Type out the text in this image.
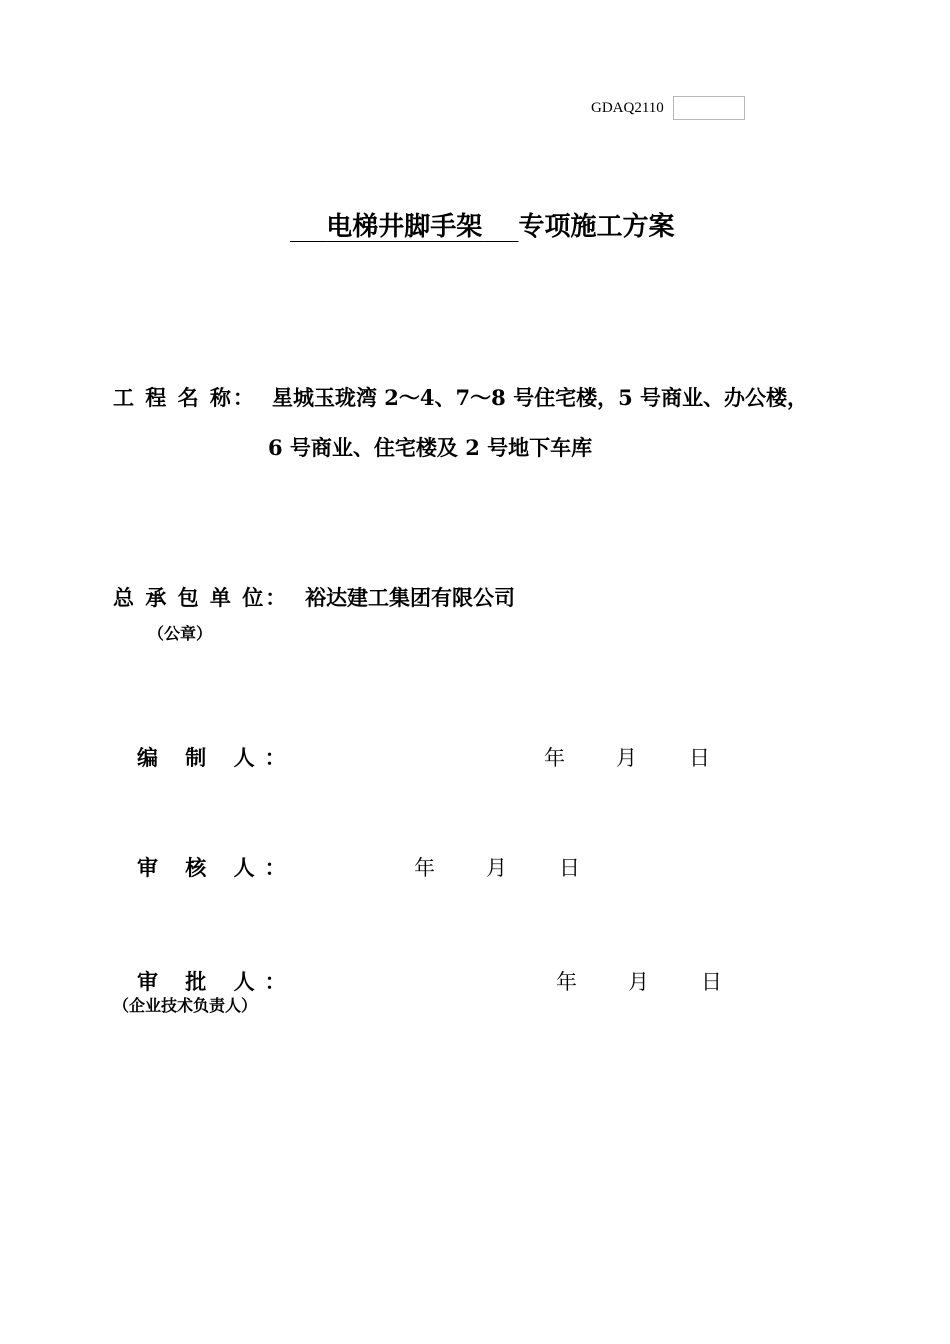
GDAQ2110
电梯井脚手架 专项施工方案
工 程 名 称： 星城玉珑湾 2～4、7～8 号住宅楼，5 号商业、办公楼，
6 号商业、住宅楼及 2 号地下车库
总 承 包 单 位： 裕达建工集团有限公司
（公章）
编 制 人：	年 月 日
审 核 人：	年 月 日
审 批 人：	年 月 日
（企业技术负责人）
